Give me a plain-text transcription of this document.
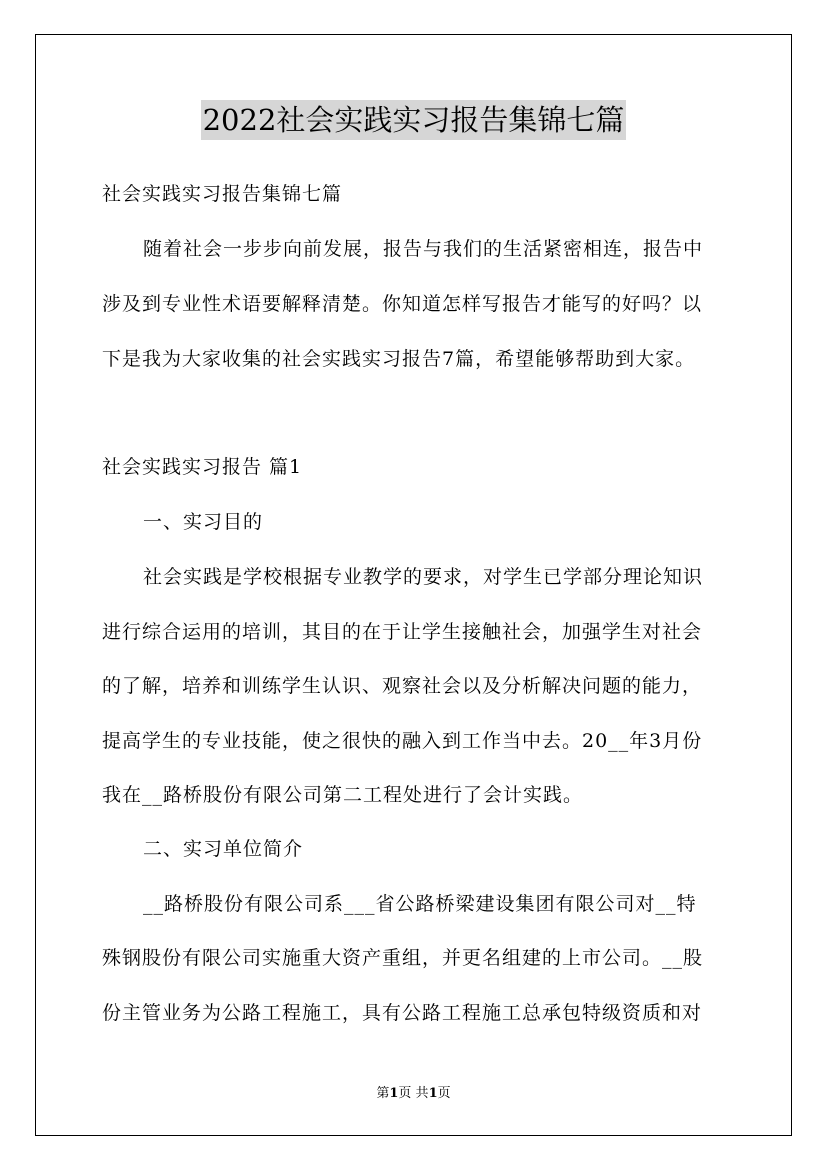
2022社会实践实习报告集锦七篇
社会实践实习报告集锦七篇
随着社会一步步向前发展，报告与我们的生活紧密相连，报告中
涉及到专业性术语要解释清楚。你知道怎样写报告才能写的好吗？以
下是我为大家收集的社会实践实习报告7篇，希望能够帮助到大家。
社会实践实习报告 篇1
一、实习目的
社会实践是学校根据专业教学的要求，对学生已学部分理论知识
进行综合运用的培训，其目的在于让学生接触社会，加强学生对社会
的了解，培养和训练学生认识、观察社会以及分析解决问题的能力，
提高学生的专业技能，使之很快的融入到工作当中去。20__年3月份
我在__路桥股份有限公司第二工程处进行了会计实践。
二、实习单位简介
__路桥股份有限公司系___省公路桥梁建设集团有限公司对__特
殊钢股份有限公司实施重大资产重组，并更名组建的上市公司。__股
份主管业务为公路工程施工，具有公路工程施工总承包特级资质和对
第1页 共1页
